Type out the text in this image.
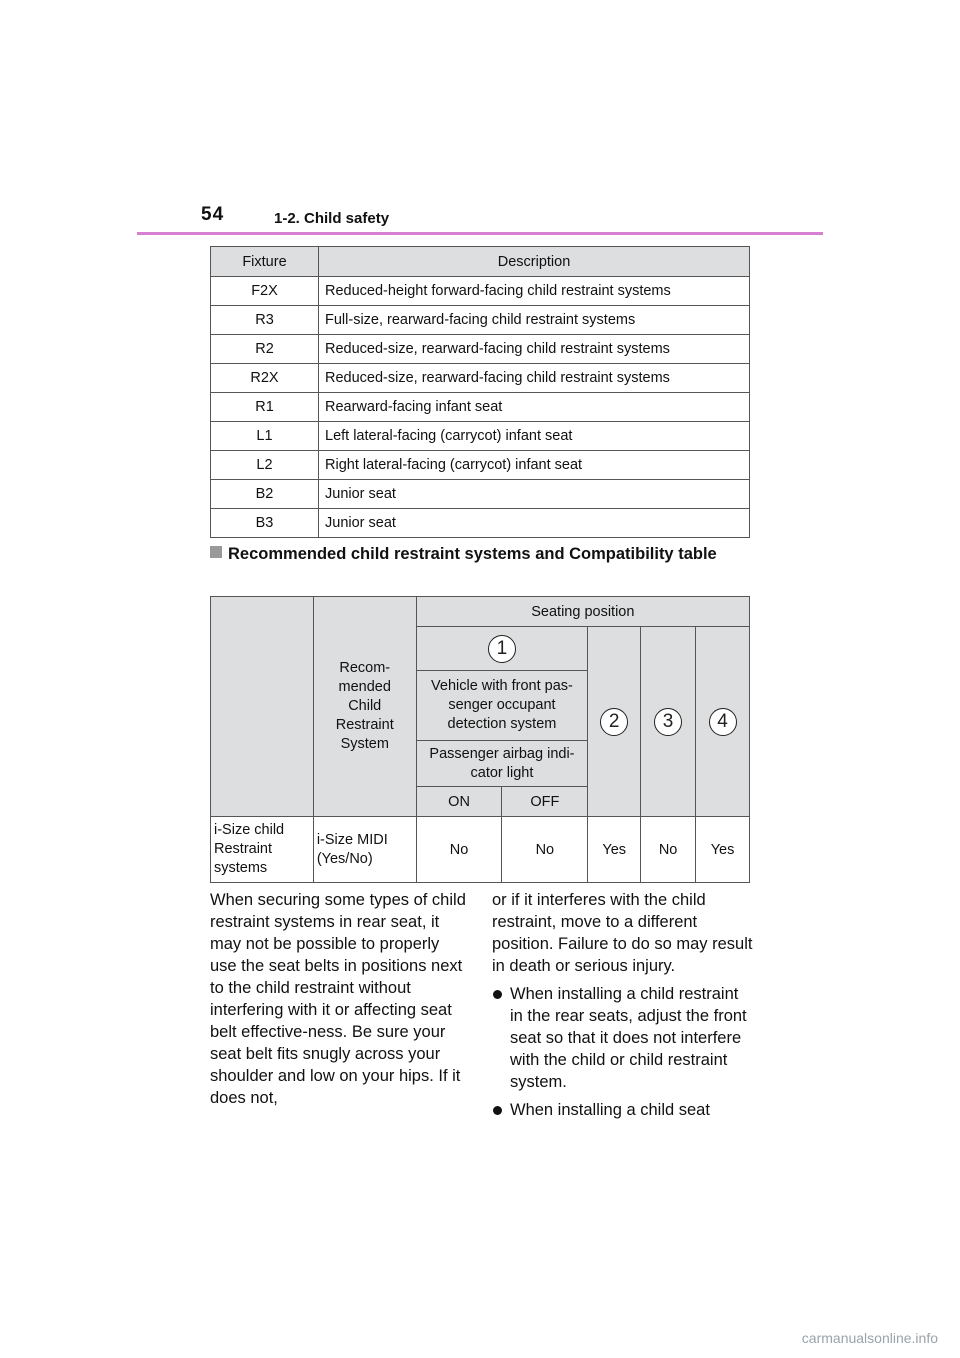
54	1-2. Child safety
Fixture	Description
F2X	Reduced-height forward-facing child restraint systems
R3	Full-size, rearward-facing child restraint systems
R2	Reduced-size, rearward-facing child restraint systems
R2X	Reduced-size, rearward-facing child restraint systems
R1	Rearward-facing infant seat
L1	Left lateral-facing (carrycot) infant seat
L2	Right lateral-facing (carrycot) infant seat
B2	Junior seat
B3	Junior seat
Recommended child restraint systems and Compatibility table
	Recom-
mended
Child
Restraint
System	Seating position				
		1		2	3	4
		Vehicle with front pas-
senger occupant
detection system				
		Passenger airbag indi-
cator light				
		ON	OFF			

i-Size child
Restraint
systems	i-Size MIDI
(Yes/No)	No	No	Yes	No	Yes
When securing some types of child restraint systems in rear seat, it may not be possible to properly use the seat belts in positions next to the child restraint without interfering with it or affecting seat belt effective-ness. Be sure your seat belt fits snugly across your shoulder and low on your hips. If it does not,

or if it interferes with the child restraint, move to a different position. Failure to do so may result in death or serious injury.

When installing a child restraint in the rear seats, adjust the front seat so that it does not interfere with the child or child restraint system.
When installing a child seat
carmanualsonline.info
